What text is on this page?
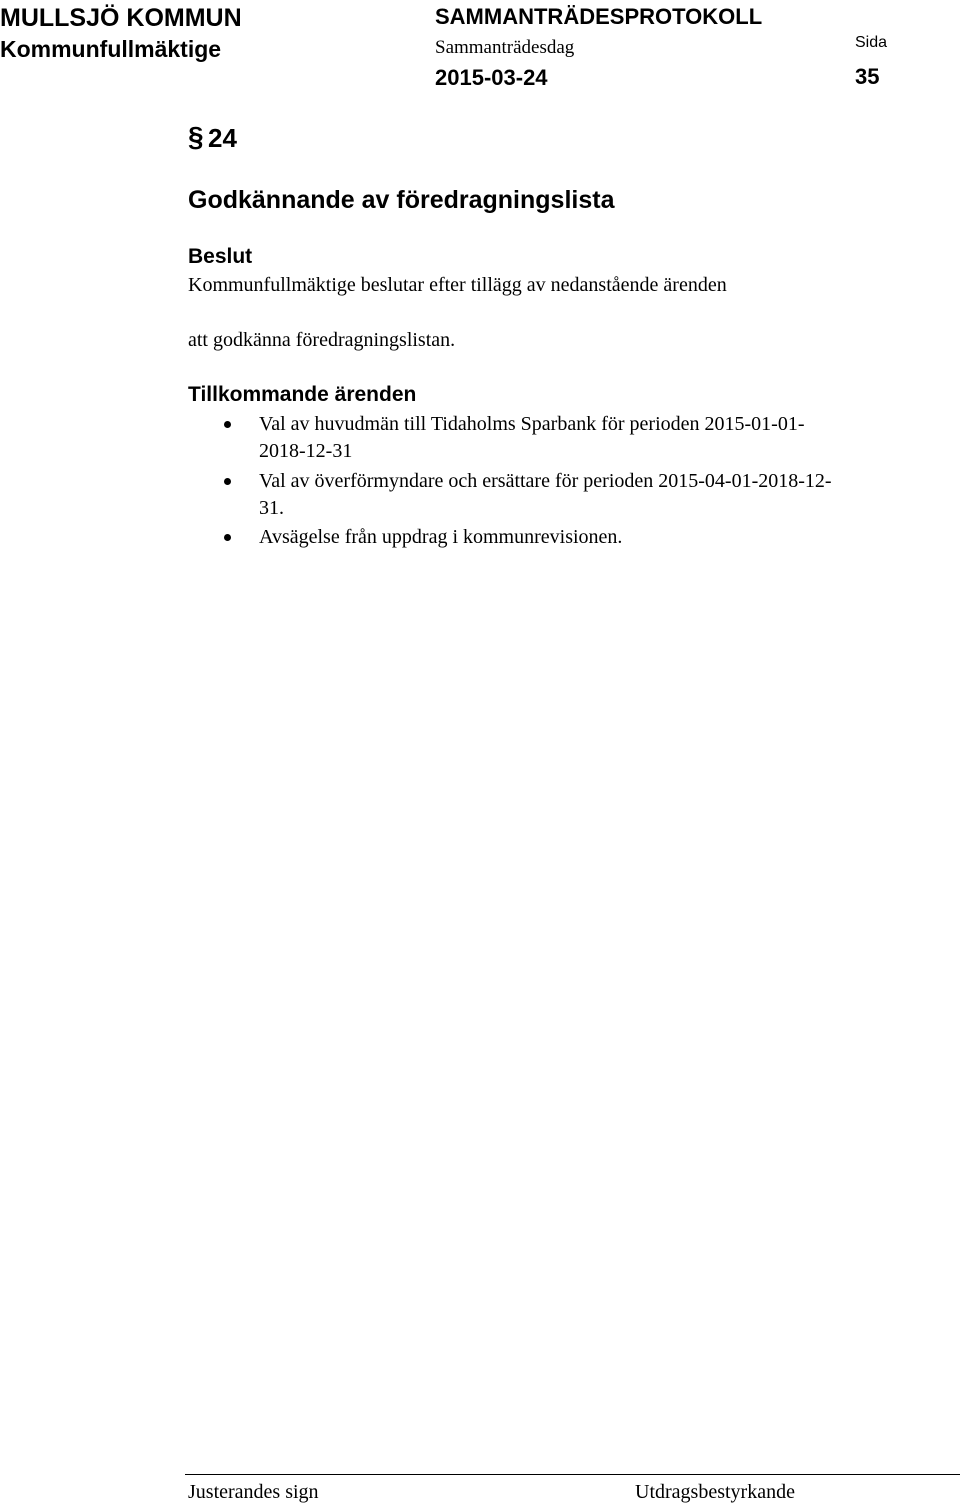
MULLSJÖ KOMMUN
Kommunfullmäktige
SAMMANTRÄDESPROTOKOLL
Sammanträdesdag
2015-03-24
Sida
35
§ 24
Godkännande av föredragningslista
Beslut

Kommunfullmäktige beslutar efter tillägg av nedanstående ärenden

att godkänna föredragningslistan.

Tillkommande ärenden
Val av huvudmän till Tidaholms Sparbank för perioden 2015-01-01-
2018-12-31
Val av överförmyndare och ersättare för perioden 2015-04-01-2018-12-
31.
Avsägelse från uppdrag i kommunrevisionen.
Justerandes sign	Utdragsbestyrkande
